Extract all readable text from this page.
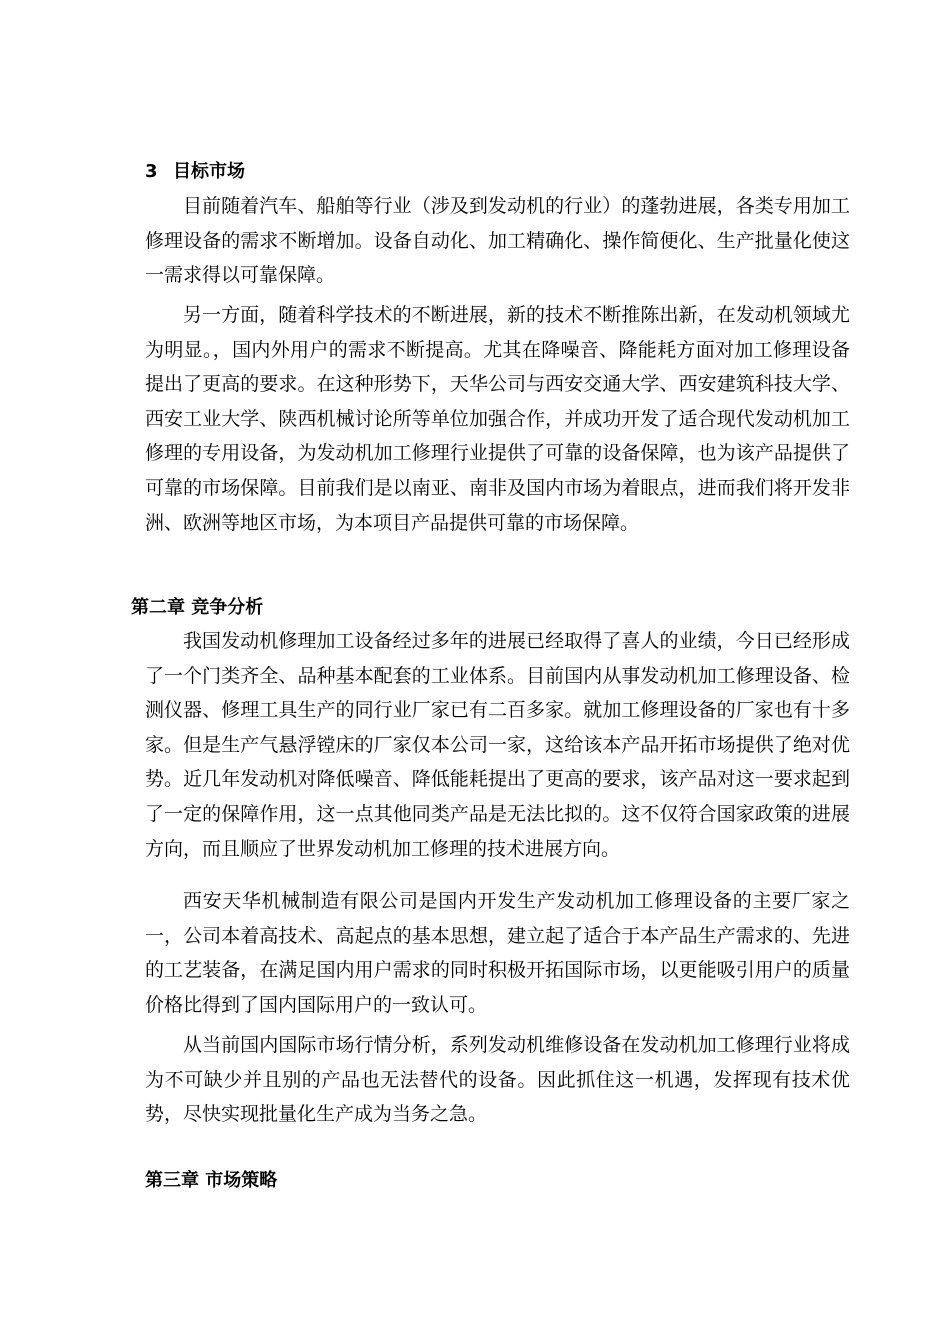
3 目标市场

目前随着汽车、船舶等行业（涉及到发动机的行业）的蓬勃进展，各类专用加工修理设备的需求不断增加。设备自动化、加工精确化、操作简便化、生产批量化使这一需求得以可靠保障。

另一方面，随着科学技术的不断进展，新的技术不断推陈出新，在发动机领域尤为明显。，国内外用户的需求不断提高。尤其在降噪音、降能耗方面对加工修理设备提出了更高的要求。在这种形势下，天华公司与西安交通大学、西安建筑科技大学、西安工业大学、陕西机械讨论所等单位加强合作，并成功开发了适合现代发动机加工修理的专用设备，为发动机加工修理行业提供了可靠的设备保障，也为该产品提供了可靠的市场保障。目前我们是以南亚、南非及国内市场为着眼点，进而我们将开发非洲、欧洲等地区市场，为本项目产品提供可靠的市场保障。

第二章 竞争分析

我国发动机修理加工设备经过多年的进展已经取得了喜人的业绩，今日已经形成了一个门类齐全、品种基本配套的工业体系。目前国内从事发动机加工修理设备、检测仪器、修理工具生产的同行业厂家已有二百多家。就加工修理设备的厂家也有十多家。但是生产气悬浮镗床的厂家仅本公司一家，这给该本产品开拓市场提供了绝对优势。近几年发动机对降低噪音、降低能耗提出了更高的要求，该产品对这一要求起到了一定的保障作用，这一点其他同类产品是无法比拟的。这不仅符合国家政策的进展方向，而且顺应了世界发动机加工修理的技术进展方向。

西安天华机械制造有限公司是国内开发生产发动机加工修理设备的主要厂家之一，公司本着高技术、高起点的基本思想，建立起了适合于本产品生产需求的、先进的工艺装备，在满足国内用户需求的同时积极开拓国际市场，以更能吸引用户的质量价格比得到了国内国际用户的一致认可。

从当前国内国际市场行情分析，系列发动机维修设备在发动机加工修理行业将成为不可缺少并且别的产品也无法替代的设备。因此抓住这一机遇，发挥现有技术优势，尽快实现批量化生产成为当务之急。

第三章 市场策略
